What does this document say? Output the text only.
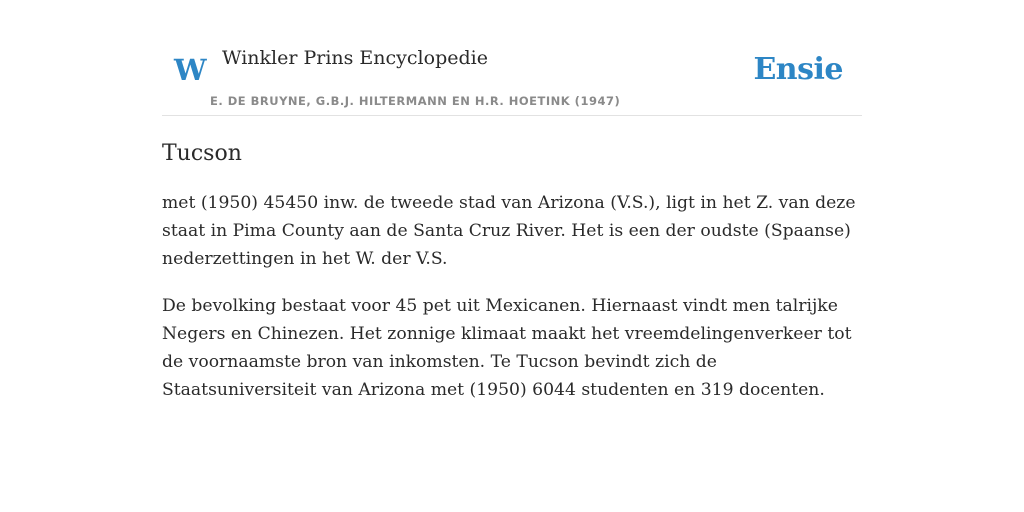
W Winkler Prins Encyclopedie
E. DE BRUYNE, G.B.J. HILTERMANN EN H.R. HOETINK (1947)
Ensie
Tucson

met (1950) 45450 inw. de tweede stad van Arizona (V.S.), ligt in het Z. van deze staat in Pima County aan de Santa Cruz River. Het is een der oudste (Spaanse) nederzettingen in het W. der V.S.

De bevolking bestaat voor 45 pet uit Mexicanen. Hiernaast vindt men talrijke Negers en Chinezen. Het zonnige klimaat maakt het vreemdelingenverkeer tot de voornaamste bron van inkomsten. Te Tucson bevindt zich de Staatsuniversiteit van Arizona met (1950) 6044 studenten en 319 docenten.
